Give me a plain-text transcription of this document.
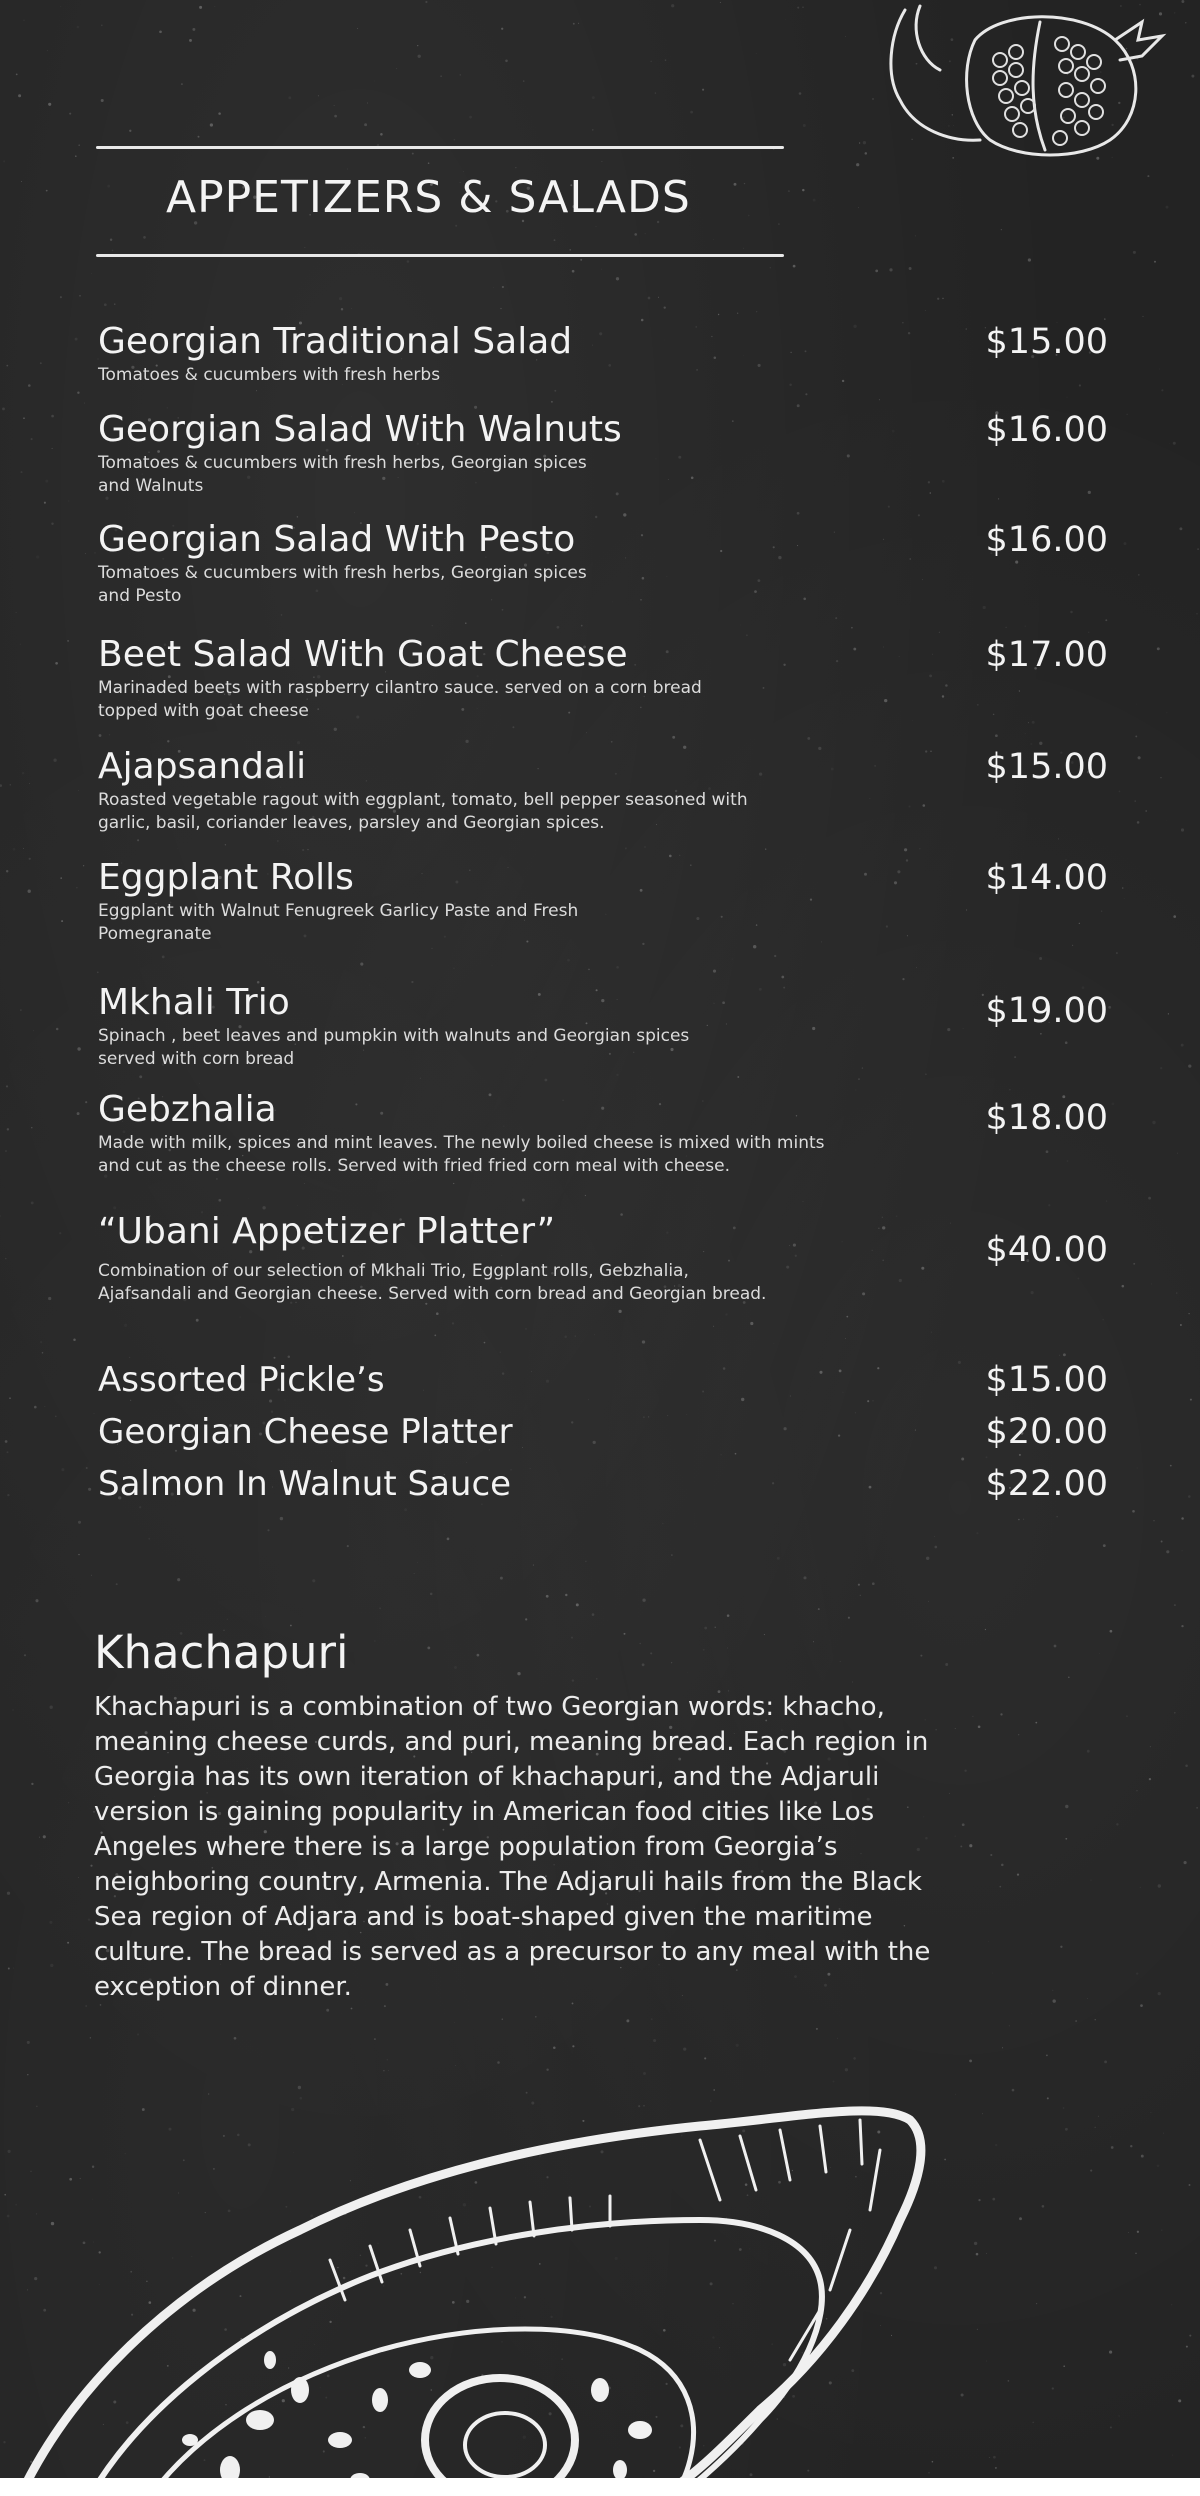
APPETIZERS & SALADS
Georgian Traditional Salad
Tomatoes & cucumbers with fresh herbs
$15.00
Georgian Salad With Walnuts
Tomatoes & cucumbers with fresh herbs, Georgian spices and Walnuts
$16.00
Georgian Salad With Pesto
Tomatoes & cucumbers with fresh herbs, Georgian spices and Pesto
$16.00
Beet Salad With Goat Cheese
Marinaded beets with raspberry cilantro sauce. served on a corn bread topped with goat cheese
$17.00
Ajapsandali
Roasted vegetable ragout with eggplant, tomato, bell pepper seasoned with garlic, basil, coriander leaves, parsley and Georgian spices.
$15.00
Eggplant Rolls
Eggplant with Walnut Fenugreek Garlicy Paste and Fresh Pomegranate
$14.00
Mkhali Trio
Spinach , beet leaves and pumpkin with walnuts and Georgian spices served with corn bread
$19.00
Gebzhalia
Made with milk, spices and mint leaves. The newly boiled cheese is mixed with mints and cut as the cheese rolls. Served with fried fried corn meal with cheese.
$18.00
“Ubani Appetizer Platter”
Combination of our selection of Mkhali Trio, Eggplant rolls, Gebzhalia, Ajafsandali and Georgian cheese. Served with corn bread and Georgian bread.
$40.00
Assorted Pickle’s	$15.00
Georgian Cheese Platter	$20.00
Salmon In Walnut Sauce	$22.00
Khachapuri
Khachapuri is a combination of two Georgian words: khacho, meaning cheese curds, and puri, meaning bread. Each region in Georgia has its own iteration of khachapuri, and the Adjaruli version is gaining popularity in American food cities like Los Angeles where there is a large population from Georgia’s neighboring country, Armenia. The Adjaruli hails from the Black Sea region of Adjara and is boat-shaped given the maritime culture. The bread is served as a precursor to any meal with the exception of dinner.
